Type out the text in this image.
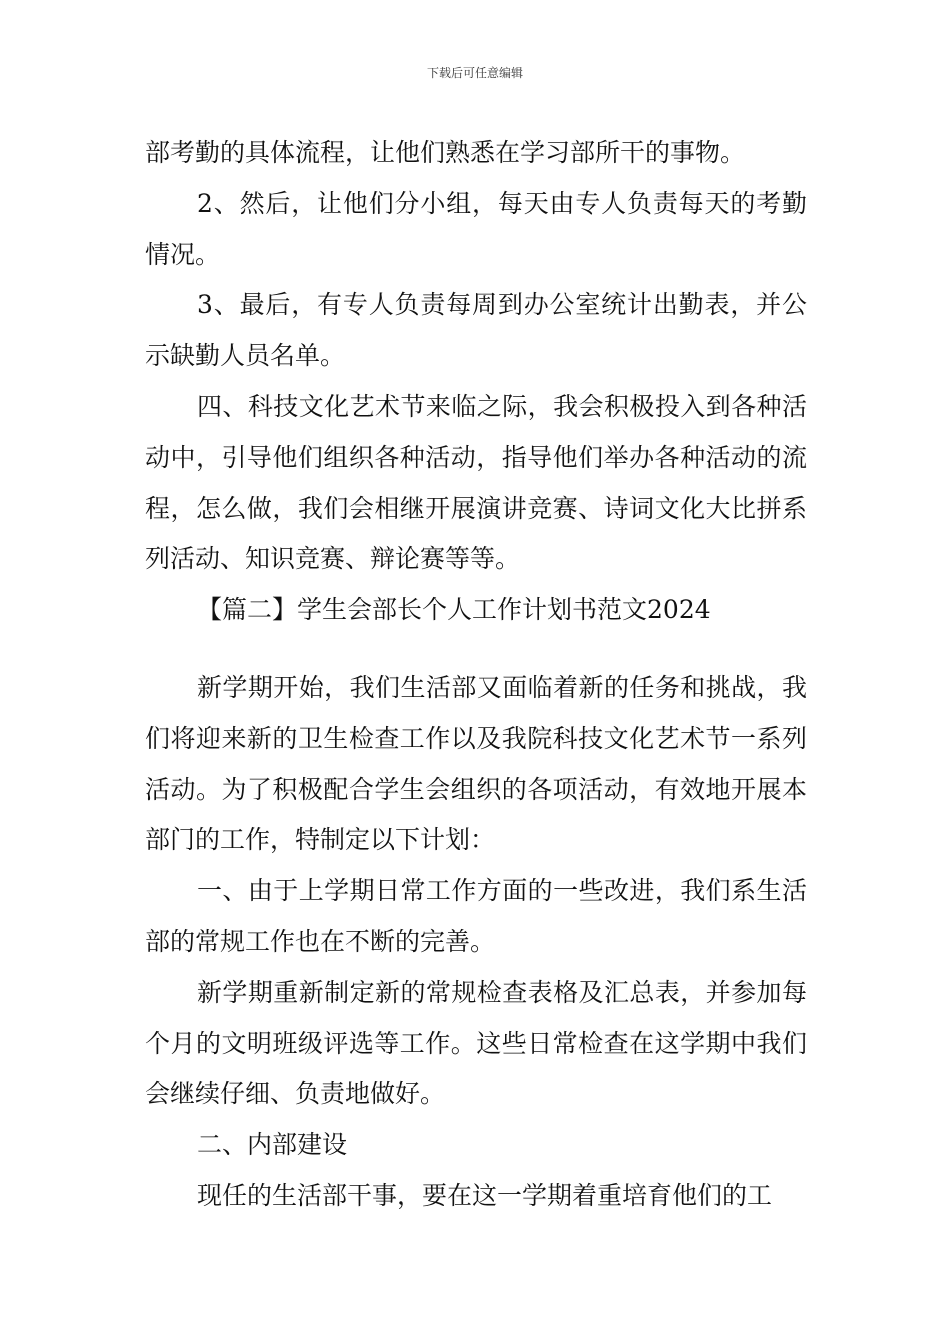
下载后可任意编辑

部考勤的具体流程，让他们熟悉在学习部所干的事物。

2、然后，让他们分小组，每天由专人负责每天的考勤情况。

3、最后，有专人负责每周到办公室统计出勤表，并公示缺勤人员名单。

四、科技文化艺术节来临之际，我会积极投入到各种活动中，引导他们组织各种活动，指导他们举办各种活动的流程，怎么做，我们会相继开展演讲竞赛、诗词文化大比拼系列活动、知识竞赛、辩论赛等等。

【篇二】学生会部长个人工作计划书范文2024

新学期开始，我们生活部又面临着新的任务和挑战，我们将迎来新的卫生检查工作以及我院科技文化艺术节一系列活动。为了积极配合学生会组织的各项活动，有效地开展本部门的工作，特制定以下计划：

一、由于上学期日常工作方面的一些改进，我们系生活部的常规工作也在不断的完善。

新学期重新制定新的常规检查表格及汇总表，并参加每个月的文明班级评选等工作。这些日常检查在这学期中我们会继续仔细、负责地做好。

二、内部建设

现任的生活部干事，要在这一学期着重培育他们的工
